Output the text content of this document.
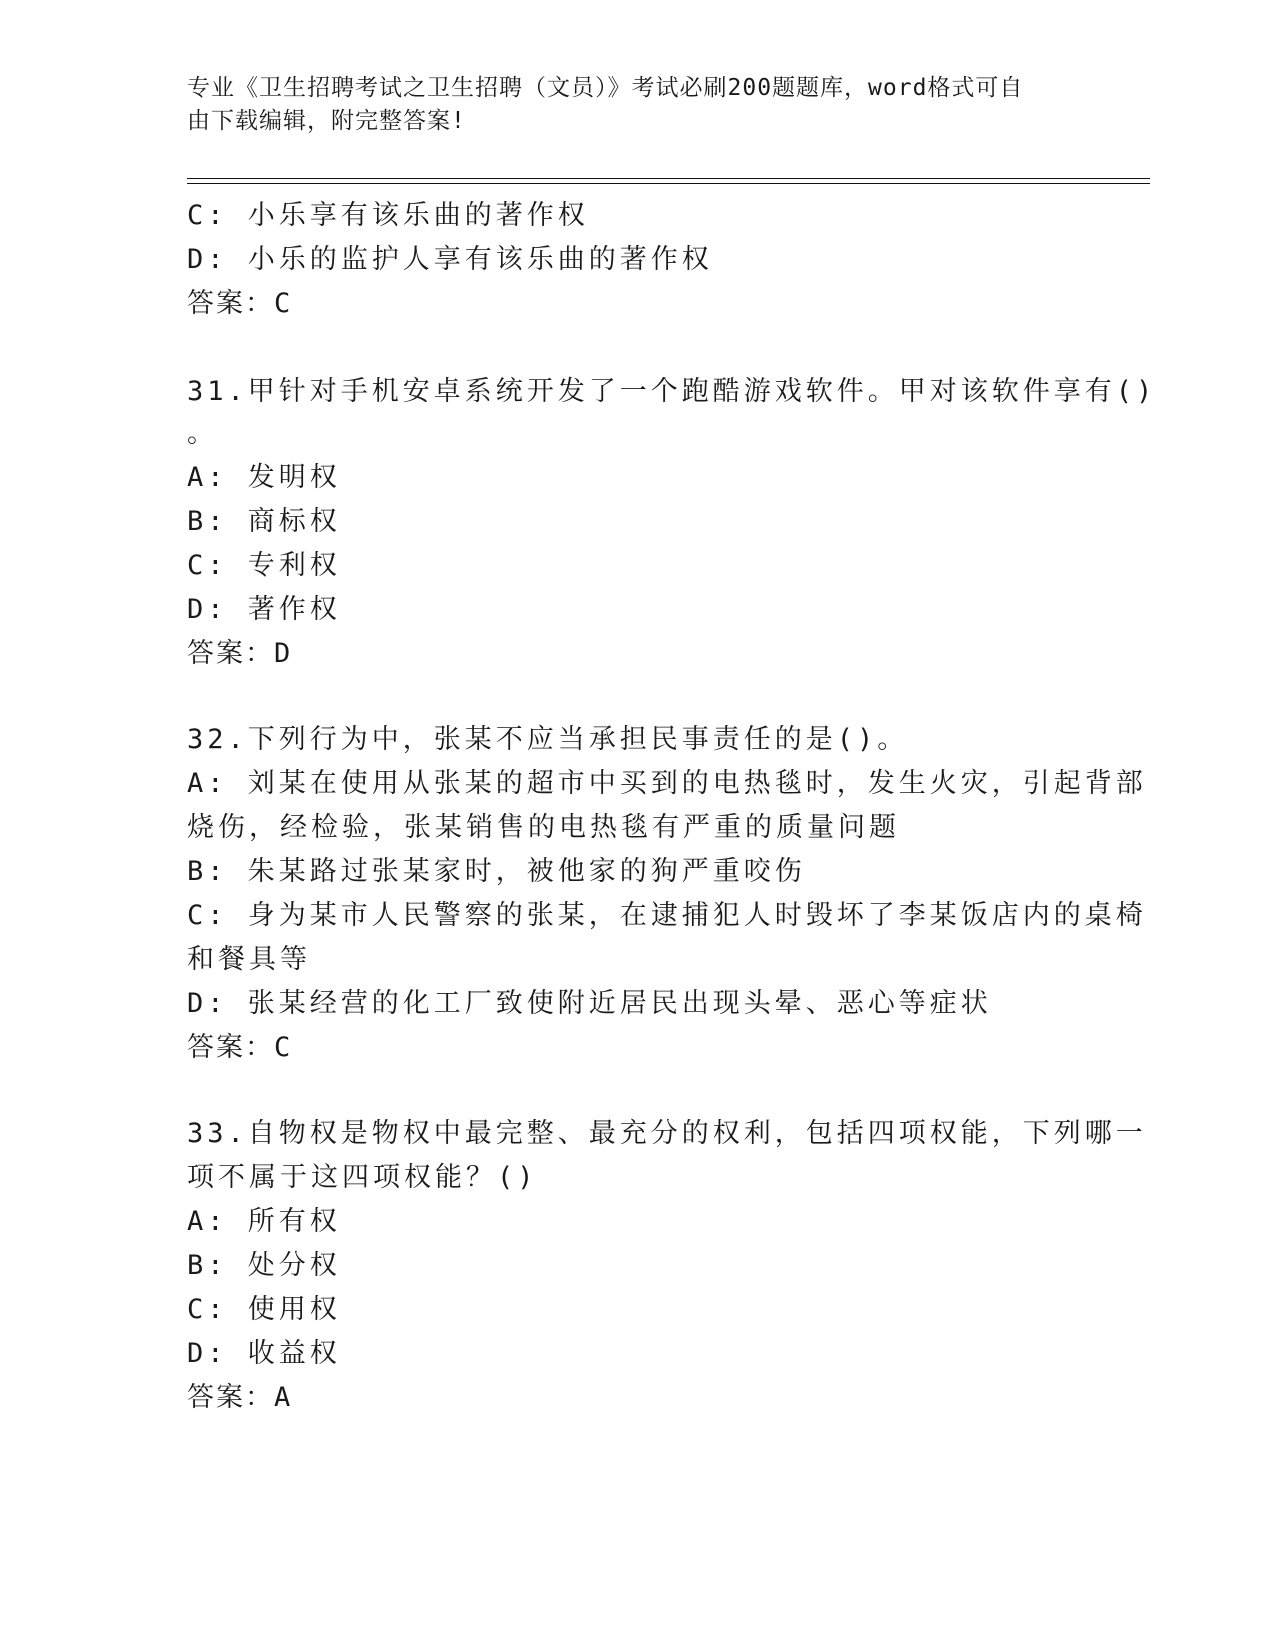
专业《卫生招聘考试之卫生招聘（文员）》考试必刷200题题库，word格式可自
由下载编辑，附完整答案!
C: 小乐享有该乐曲的著作权
D: 小乐的监护人享有该乐曲的著作权
答案：C
31.甲针对手机安卓系统开发了一个跑酷游戏软件。甲对该软件享有()
。
A: 发明权
B: 商标权
C: 专利权
D: 著作权
答案：D
32.下列行为中，张某不应当承担民事责任的是()。
A: 刘某在使用从张某的超市中买到的电热毯时，发生火灾，引起背部
烧伤，经检验，张某销售的电热毯有严重的质量问题
B: 朱某路过张某家时，被他家的狗严重咬伤
C: 身为某市人民警察的张某，在逮捕犯人时毁坏了李某饭店内的桌椅
和餐具等
D: 张某经营的化工厂致使附近居民出现头晕、恶心等症状
答案：C
33.自物权是物权中最完整、最充分的权利，包括四项权能，下列哪一
项不属于这四项权能？()
A: 所有权
B: 处分权
C: 使用权
D: 收益权
答案：A
